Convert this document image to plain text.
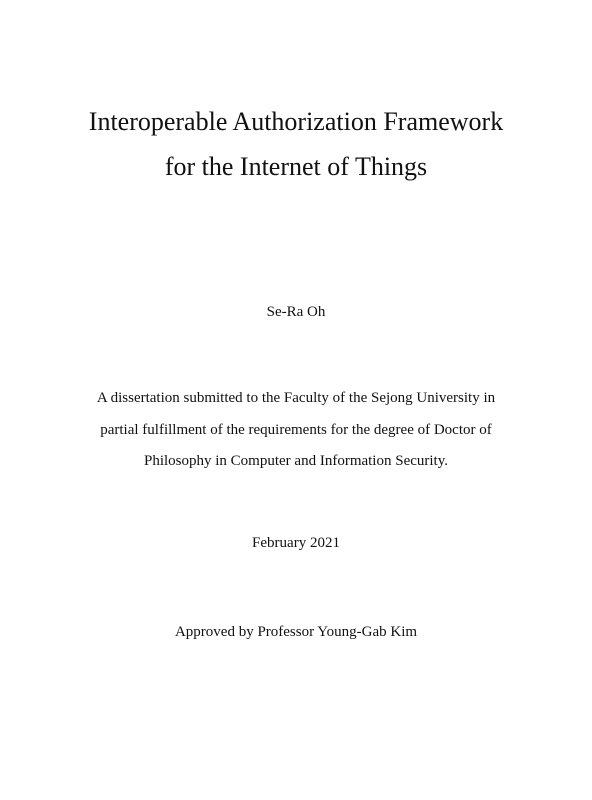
Interoperable Authorization Framework
for the Internet of Things
Se-Ra Oh
A dissertation submitted to the Faculty of the Sejong University in
partial fulfillment of the requirements for the degree of Doctor of
Philosophy in Computer and Information Security.
February 2021
Approved by Professor Young-Gab Kim
